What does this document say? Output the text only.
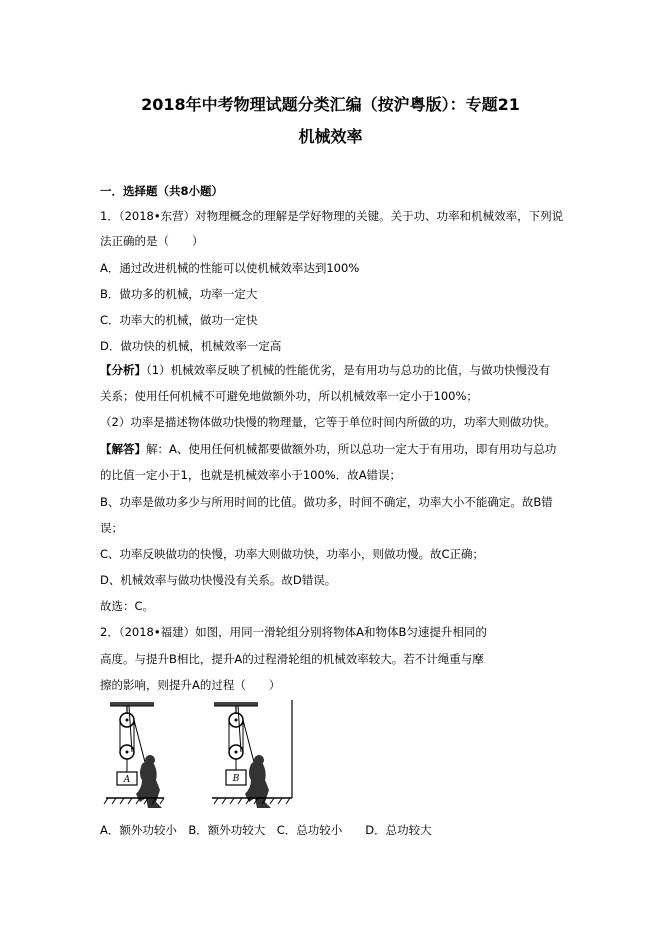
2018年中考物理试题分类汇编（按沪粤版）：专题21
机械效率
一．选择题（共8小题）
1．（2018•东营）对物理概念的理解是学好物理的关键。关于功、功率和机械效率，下列说
法正确的是（　　）
A．通过改进机械的性能可以使机械效率达到100%
B．做功多的机械，功率一定大
C．功率大的机械，做功一定快
D．做功快的机械，机械效率一定高
【分析】（1）机械效率反映了机械的性能优劣，是有用功与总功的比值，与做功快慢没有
关系；使用任何机械不可避免地做额外功，所以机械效率一定小于100%；
（2）功率是描述物体做功快慢的物理量，它等于单位时间内所做的功，功率大则做功快。
【解答】解：A、使用任何机械都要做额外功，所以总功一定大于有用功，即有用功与总功
的比值一定小于1，也就是机械效率小于100%．故A错误；
B、功率是做功多少与所用时间的比值。做功多，时间不确定，功率大小不能确定。故B错
误；
C、功率反映做功的快慢，功率大则做功快，功率小，则做功慢。故C正确；
D、机械效率与做功快慢没有关系。故D错误。
故选：C。
2．（2018•福建）如图，用同一滑轮组分别将物体A和物体B匀速提升相同的
高度。与提升B相比，提升A的过程滑轮组的机械效率较大。若不计绳重与摩
擦的影响，则提升A的过程（　　）
A	B
A．额外功较小　B．额外功较大　C．总功较小　　D．总功较大
